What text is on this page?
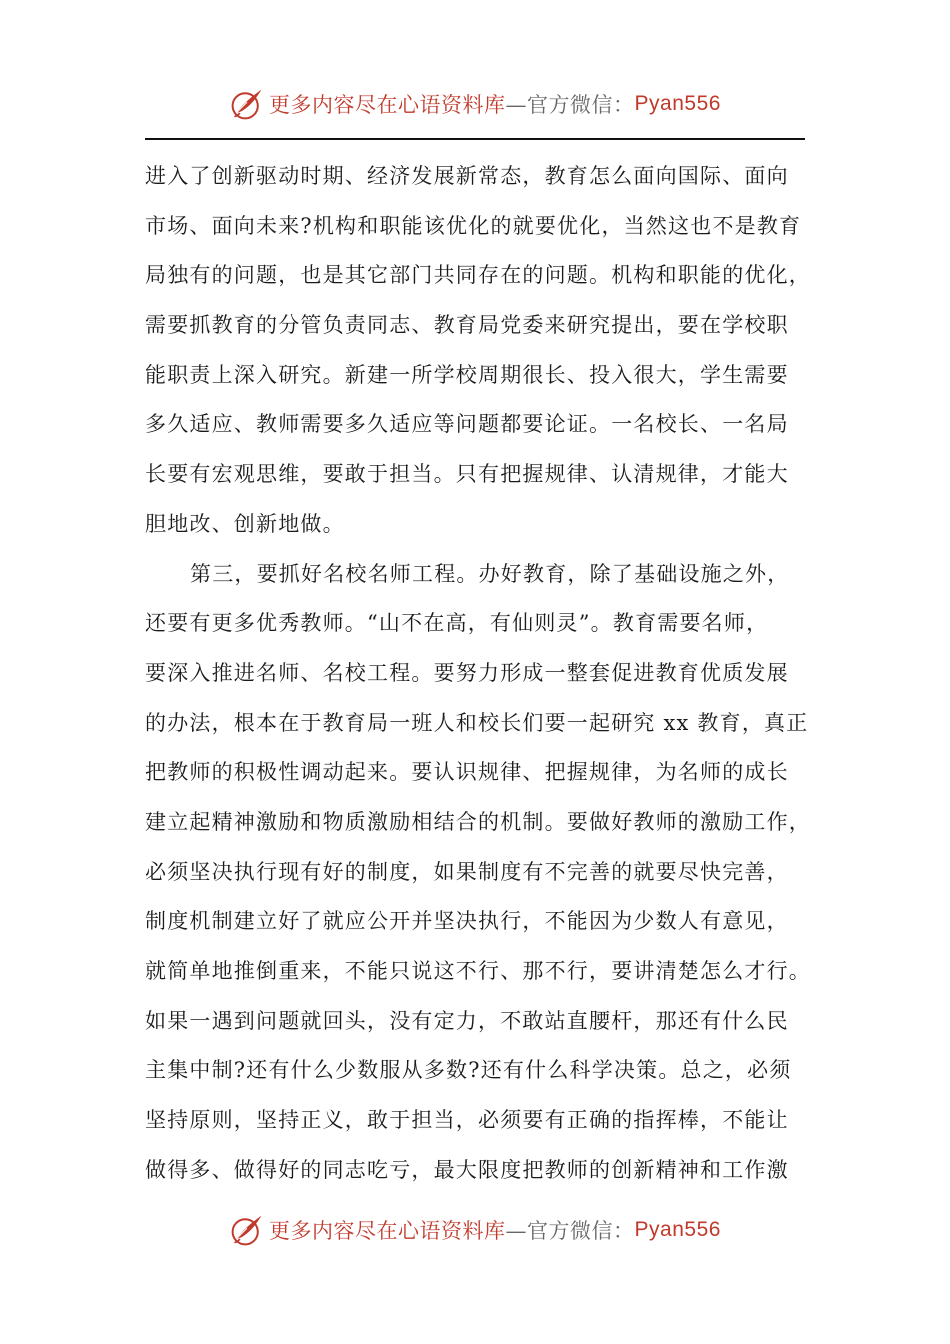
更多内容尽在心语资料库 —官方微信： Pyan556
进入了创新驱动时期、经济发展新常态，教育怎么面向国际、面向
市场、面向未来?机构和职能该优化的就要优化，当然这也不是教育
局独有的问题，也是其它部门共同存在的问题。机构和职能的优化，
需要抓教育的分管负责同志、教育局党委来研究提出，要在学校职
能职责上深入研究。新建一所学校周期很长、投入很大，学生需要
多久适应、教师需要多久适应等问题都要论证。一名校长、一名局
长要有宏观思维，要敢于担当。只有把握规律、认清规律，才能大
胆地改、创新地做。
第三，要抓好名校名师工程。办好教育，除了基础设施之外，
还要有更多优秀教师。“山不在高，有仙则灵”。教育需要名师，
要深入推进名师、名校工程。要努力形成一整套促进教育优质发展
的办法，根本在于教育局一班人和校长们要一起研究 xx 教育，真正
把教师的积极性调动起来。要认识规律、把握规律，为名师的成长
建立起精神激励和物质激励相结合的机制。要做好教师的激励工作，
必须坚决执行现有好的制度，如果制度有不完善的就要尽快完善，
制度机制建立好了就应公开并坚决执行，不能因为少数人有意见，
就简单地推倒重来，不能只说这不行、那不行，要讲清楚怎么才行。
如果一遇到问题就回头，没有定力，不敢站直腰杆，那还有什么民
主集中制?还有什么少数服从多数?还有什么科学决策。总之，必须
坚持原则，坚持正义，敢于担当，必须要有正确的指挥棒，不能让
做得多、做得好的同志吃亏，最大限度把教师的创新精神和工作激
更多内容尽在心语资料库 —官方微信： Pyan556
